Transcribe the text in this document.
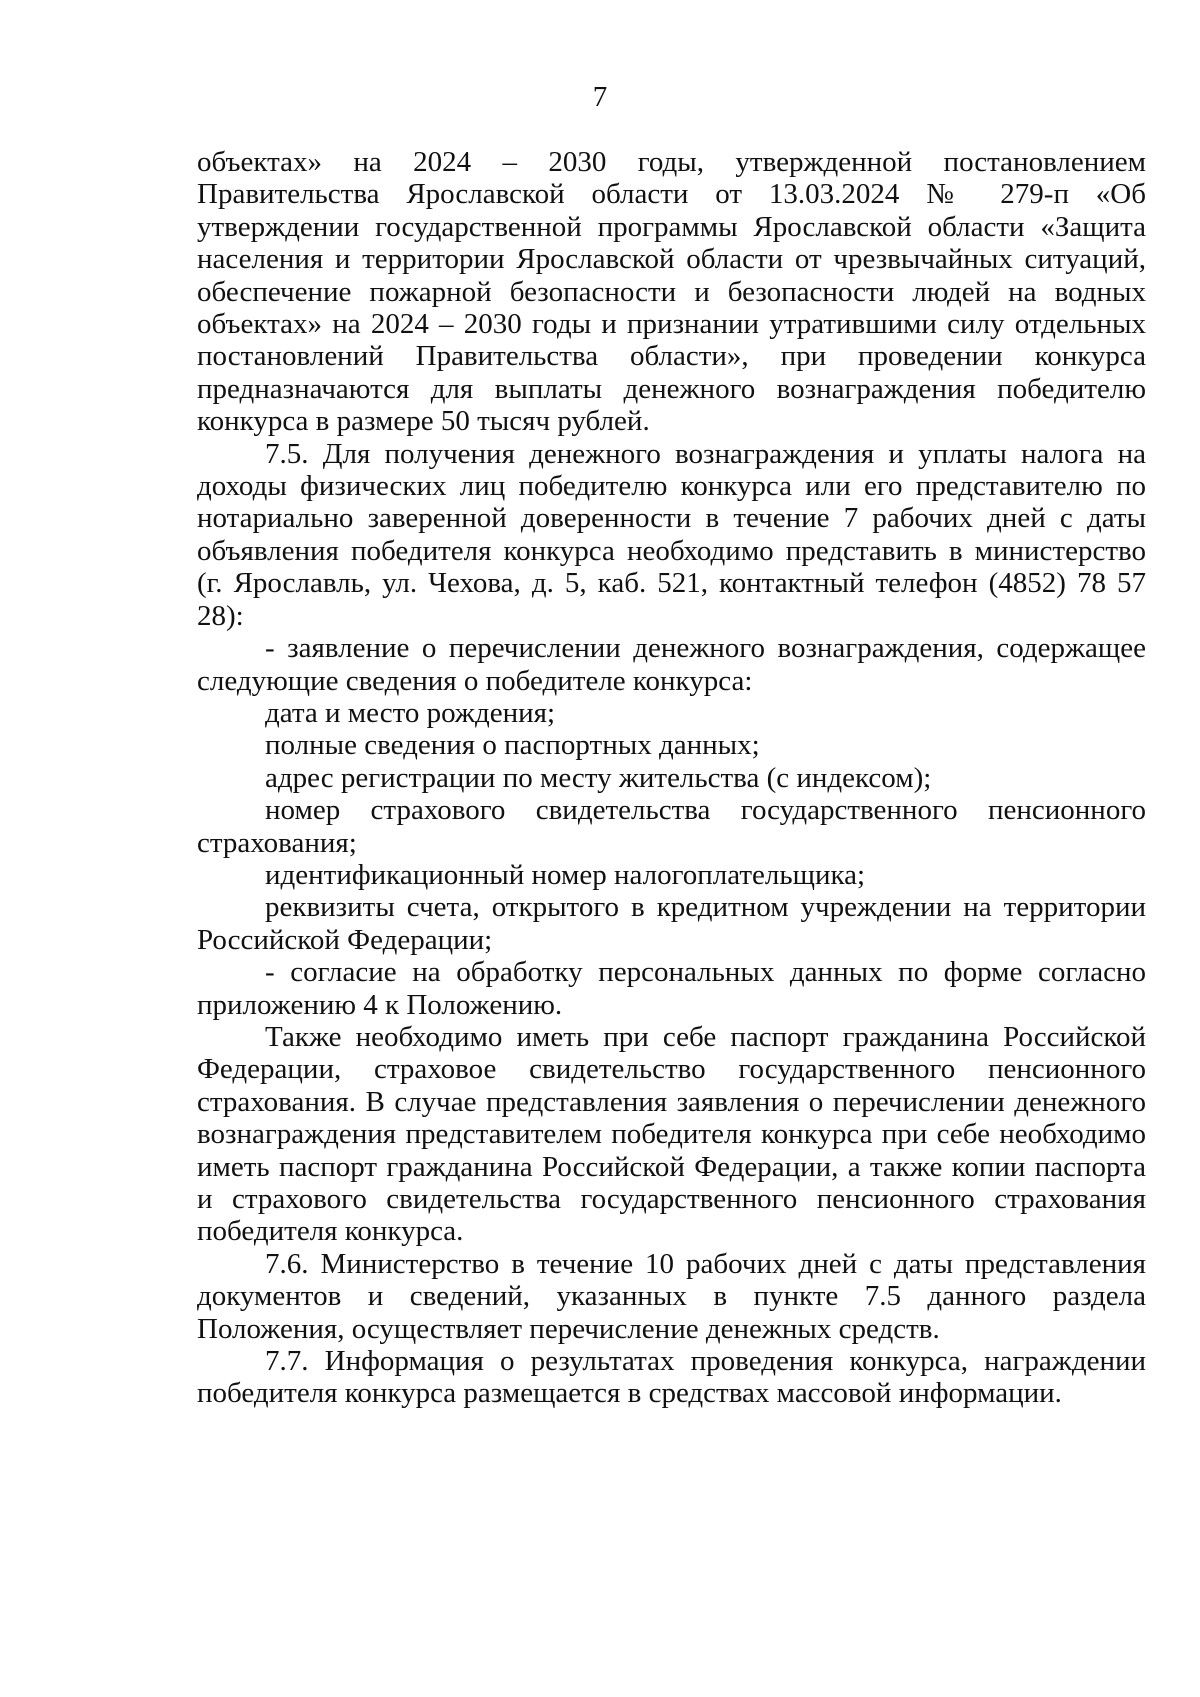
7

объектах» на 2024 – 2030 годы, утвержденной постановлением Правительства Ярославской области от 13.03.2024 № 279-п «Об утверждении государственной программы Ярославской области «Защита населения и территории Ярославской области от чрезвычайных ситуаций, обеспечение пожарной безопасности и безопасности людей на водных объектах» на 2024 – 2030 годы и признании утратившими силу отдельных постановлений Правительства области», при проведении конкурса предназначаются для выплаты денежного вознаграждения победителю конкурса в размере 50 тысяч рублей.

7.5. Для получения денежного вознаграждения и уплаты налога на доходы физических лиц победителю конкурса или его представителю по нотариально заверенной доверенности в течение 7 рабочих дней с даты объявления победителя конкурса необходимо представить в министерство (г. Ярославль, ул. Чехова, д. 5, каб. 521, контактный телефон (4852) 78 57 28):

- заявление о перечислении денежного вознаграждения, содержащее следующие сведения о победителе конкурса:

дата и место рождения;

полные сведения о паспортных данных;

адрес регистрации по месту жительства (с индексом);

номер страхового свидетельства государственного пенсионного страхования;

идентификационный номер налогоплательщика;

реквизиты счета, открытого в кредитном учреждении на территории Российской Федерации;

- согласие на обработку персональных данных по форме согласно приложению 4 к Положению.

Также необходимо иметь при себе паспорт гражданина Российской Федерации, страховое свидетельство государственного пенсионного страхования. В случае представления заявления о перечислении денежного вознаграждения представителем победителя конкурса при себе необходимо иметь паспорт гражданина Российской Федерации, а также копии паспорта и страхового свидетельства государственного пенсионного страхования победителя конкурса.

7.6. Министерство в течение 10 рабочих дней с даты представления документов и сведений, указанных в пункте 7.5 данного раздела Положения, осуществляет перечисление денежных средств.

7.7. Информация о результатах проведения конкурса, награждении победителя конкурса размещается в средствах массовой информации.
